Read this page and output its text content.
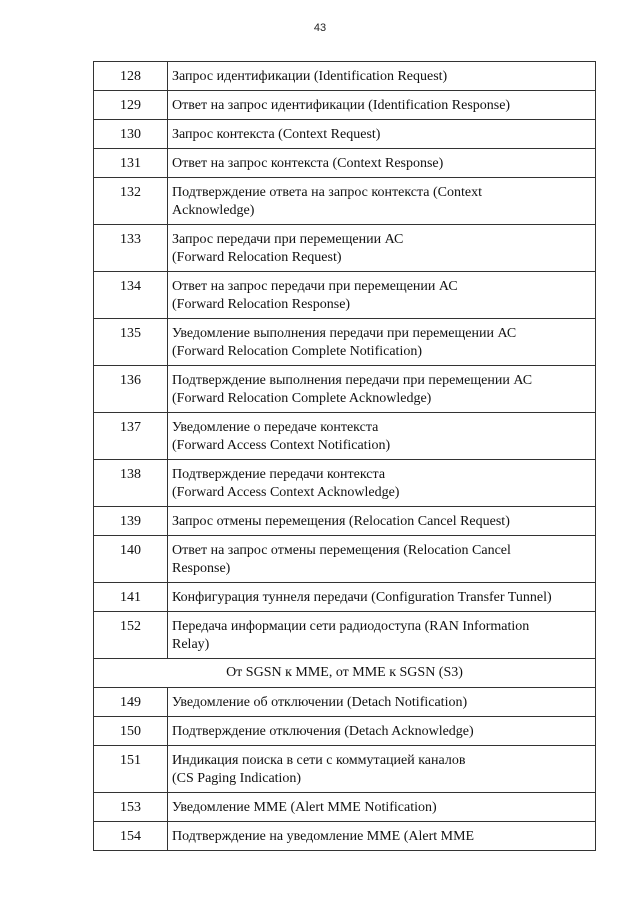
43
128	Запрос идентификации (Identification Request)
129	Ответ на запрос идентификации (Identification Response)
130	Запрос контекста (Context Request)
131	Ответ на запрос контекста (Context Response)
132	Подтверждение ответа на запрос контекста (Context
Acknowledge)
133	Запрос передачи при перемещении АС
(Forward Relocation Request)
134	Ответ на запрос передачи при перемещении АС
(Forward Relocation Response)
135	Уведомление выполнения передачи при перемещении АС
(Forward Relocation Complete Notification)
136	Подтверждение выполнения передачи при перемещении АС
(Forward Relocation Complete Acknowledge)
137	Уведомление о передаче контекста
(Forward Access Context Notification)
138	Подтверждение передачи контекста
(Forward Access Context Acknowledge)
139	Запрос отмены перемещения (Relocation Cancel Request)
140	Ответ на запрос отмены перемещения (Relocation Cancel
Response)
141	Конфигурация туннеля передачи (Configuration Transfer Tunnel)
152	Передача информации сети радиодоступа (RAN Information
Relay)
От SGSN к MME, от MME к SGSN (S3)	
149	Уведомление об отключении (Detach Notification)
150	Подтверждение отключения (Detach Acknowledge)
151	Индикация поиска в сети с коммутацией каналов
(CS Paging Indication)
153	Уведомление MME (Alert MME Notification)
154	Подтверждение на уведомление MME (Alert MME
